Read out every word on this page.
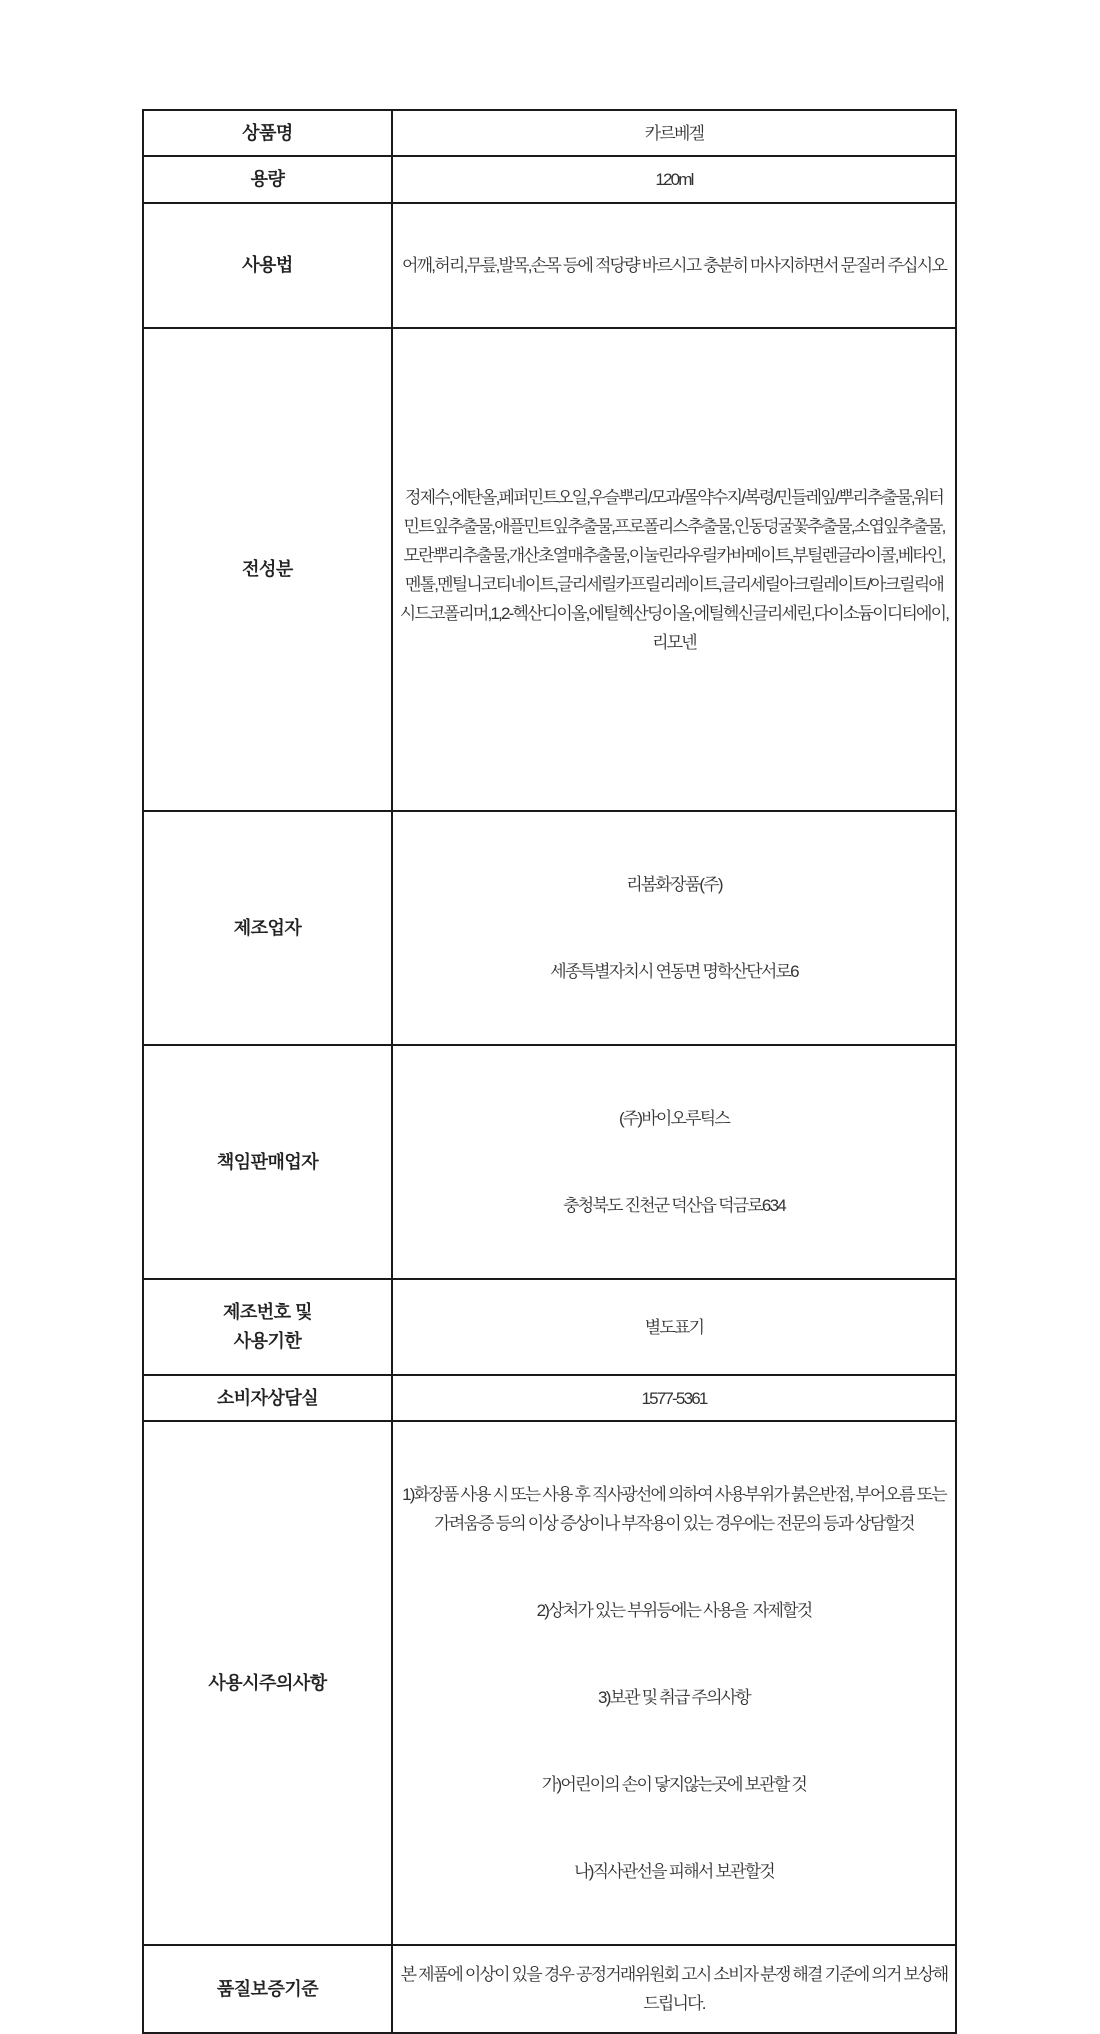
상품명	카르베겔
용량	120ml
사용법	어깨,허리,무릎,발목,손목 등에 적당량 바르시고 충분히 마사지하면서 문질러 주십시오
전성분	정제수,에탄올,페퍼민트오일,우슬뿌리/모과/몰약수지/복령/민들레잎/뿌리추출물,워터민트잎추출물,애플민트잎추출물,프로폴리스추출물,인동덩굴꽃추출물,소엽잎추출물,모란뿌리추출물,개산초열매추출물,이눌린라우릴카바메이트,부틸렌글라이콜,베타인,멘톨,멘틸니코티네이트,글리세릴카프릴리레이트,글리세릴아크릴레이트/아크릴릭애시드코폴리머,1,2-헥산디이올,에틸헥산딩이올,에틸헥신글리세린,다이소듐이디티에이,리모넨
제조업자	리봄화장품(주)

세종특별자치시 연동면 명학산단서로6

책임판매업자	(주)바이오루틱스

충청북도 진천군 덕산읍 덕금로634

제조번호 및
사용기한	별도표기
소비자상담실	1577-5361
사용시주의사항	1)화장품 사용 시 또는 사용 후 직사광선에 의하여 사용부위가 붉은반점, 부어오름 또는 가려움증 등의 이상 증상이나 부작용이 있는 경우에는 전문의 등과 상담할것

2)상처가 있는 부위등에는 사용을  자제할것

3)보관 및 취급 주의사항

가)어린이의 손이 닿지않는곳에 보관할 것

나)직사관선을 피해서 보관할것

품질보증기준	본 제품에 이상이 있을 경우 공정거래위원회 고시 소비자 분쟁 해결 기준에 의거 보상해드립니다.
